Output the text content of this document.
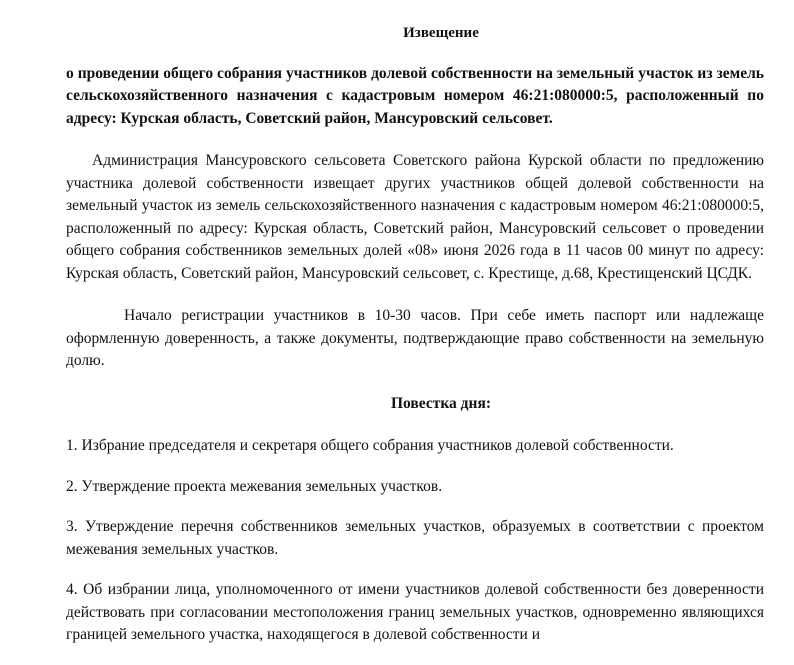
Извещение

о проведении общего собрания участников долевой собственности на земельный участок из земель сельскохозяйственного назначения с кадастровым номером 46:21:080000:5, расположенный по адресу: Курская область, Советский район, Мансуровский сельсовет.

Администрация Мансуровского сельсовета Советского района Курской области по предложению участника долевой собственности извещает других участников общей долевой собственности на земельный участок из земель сельскохозяйственного назначения с кадастровым номером 46:21:080000:5, расположенный по адресу: Курская область, Советский район, Мансуровский сельсовет о проведении общего собрания собственников земельных долей «08» июня 2026 года в 11 часов 00 минут по адресу: Курская область, Советский район, Мансуровский сельсовет, с. Крестище, д.68, Крестищенский ЦСДК.

Начало регистрации участников в 10-30 часов. При себе иметь паспорт или надлежаще оформленную доверенность, а также документы, подтверждающие право собственности на земельную долю.

Повестка дня:

1. Избрание председателя и секретаря общего собрания участников долевой собственности.

2. Утверждение проекта межевания земельных участков.

3. Утверждение перечня собственников земельных участков, образуемых в соответствии с проектом межевания земельных участков.

4. Об избрании лица, уполномоченного от имени участников долевой собственности без доверенности действовать при согласовании местоположения границ земельных участков, одновременно являющихся границей земельного участка, находящегося в долевой собственности и
